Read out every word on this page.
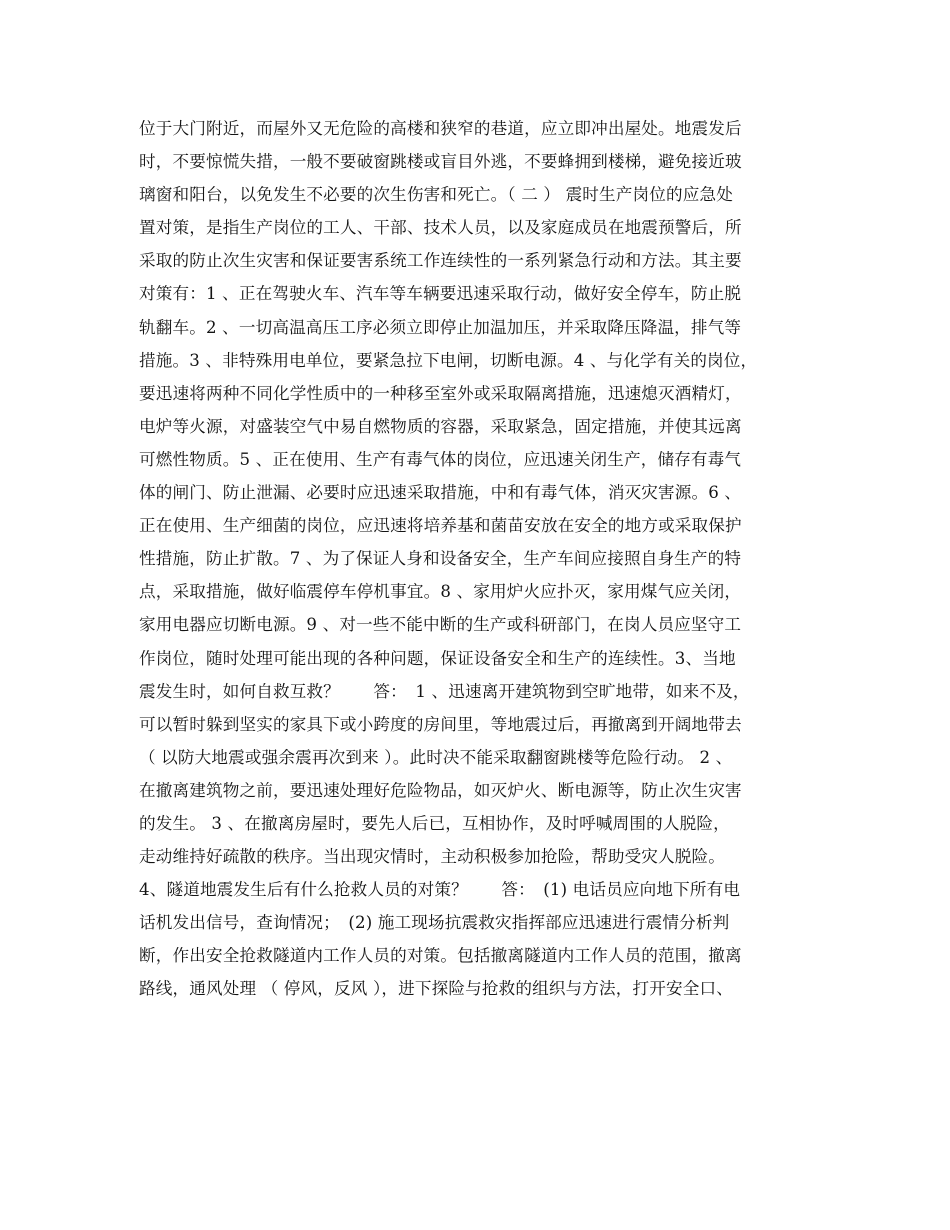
位于大门附近，而屋外又无危险的高楼和狭窄的巷道，应立即冲出屋处。地震发后
时，不要惊慌失措，一般不要破窗跳楼或盲目外逃，不要蜂拥到楼梯，避免接近玻
璃窗和阳台，以免发生不必要的次生伤害和死亡。（ 二 ） 震时生产岗位的应急处
置对策，是指生产岗位的工人、干部、技术人员，以及家庭成员在地震预警后，所
采取的防止次生灾害和保证要害系统工作连续性的一系列紧急行动和方法。其主要
对策有：1 、正在驾驶火车、汽车等车辆要迅速采取行动，做好安全停车，防止脱
轨翻车。2 、一切高温高压工序必须立即停止加温加压，并采取降压降温，排气等
措施。3 、非特殊用电单位，要紧急拉下电闸，切断电源。4 、与化学有关的岗位，
要迅速将两种不同化学性质中的一种移至室外或采取隔离措施，迅速熄灭酒精灯，
电炉等火源，对盛装空气中易自燃物质的容器，采取紧急，固定措施，并使其远离
可燃性物质。5 、正在使用、生产有毒气体的岗位，应迅速关闭生产，储存有毒气
体的闸门、防止泄漏、必要时应迅速采取措施，中和有毒气体，消灭灾害源。6 、
正在使用、生产细菌的岗位，应迅速将培养基和菌苗安放在安全的地方或采取保护
性措施，防止扩散。7 、为了保证人身和设备安全，生产车间应接照自身生产的特
点，采取措施，做好临震停车停机事宜。8 、家用炉火应扑灭，家用煤气应关闭，
家用电器应切断电源。9 、对一些不能中断的生产或科研部门，在岗人员应坚守工
作岗位，随时处理可能出现的各种问题，保证设备安全和生产的连续性。3、当地
震发生时，如何自救互救？　　答：　1 、迅速离开建筑物到空旷地带，如来不及，
可以暂时躲到坚实的家具下或小跨度的房间里，等地震过后，再撤离到开阔地带去
（ 以防大地震或强余震再次到来 ）。此时决不能采取翻窗跳楼等危险行动。 2 、
在撤离建筑物之前，要迅速处理好危险物品，如灭炉火、断电源等，防止次生灾害
的发生。 3 、在撤离房屋时，要先人后已，互相协作，及时呼喊周围的人脱险，
走动维持好疏散的秩序。当出现灾情时，主动积极参加抢险，帮助受灾人脱险。
4、隧道地震发生后有什么抢救人员的对策？　　答：　(1) 电话员应向地下所有电
话机发出信号，查询情况；　(2) 施工现场抗震救灾指挥部应迅速进行震情分析判
断，作出安全抢救隧道内工作人员的对策。包括撤离隧道内工作人员的范围，撤离
路线，通风处理 （ 停风，反风 ），进下探险与抢救的组织与方法，打开安全口、
